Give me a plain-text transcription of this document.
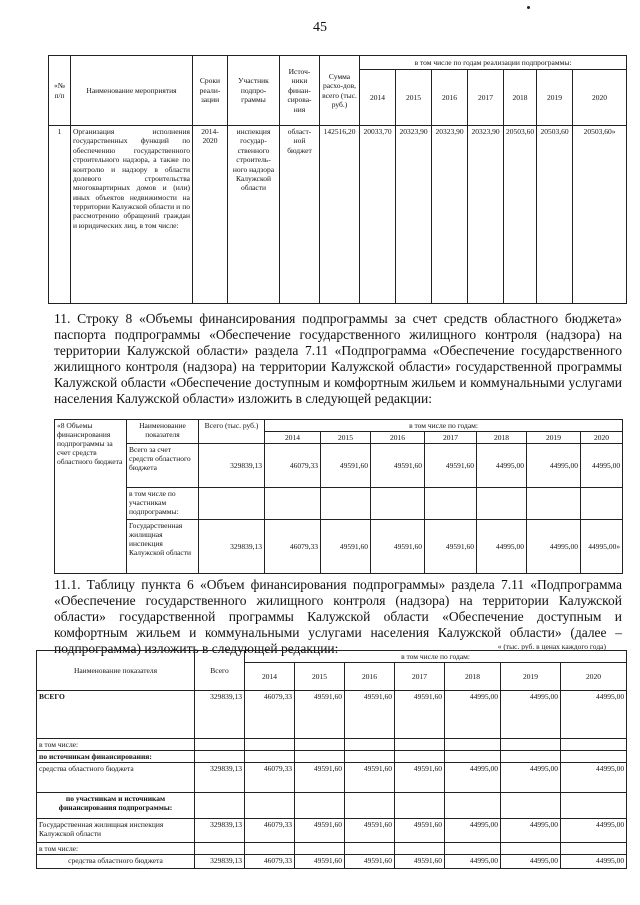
45
«№ п/п	Наименование мероприятия	Сроки реали-зации	Участник подпро-граммы	Источ-ники финан-сирова-ния	Сумма расхо-дов, всего (тыс. руб.)	в том числе по годам реализации подпрограммы:						
						2014	2015	2016	2017	2018	2019	2020
1	Организация исполнения государственных функций по обеспечению государственного строительного надзора, а также по контролю и надзору в области долевого строительства многоквартирных домов и (или) иных объектов недвижимости на территории Калужской области и по рассмотрению обращений граждан и юридических лиц, в том числе:	2014-2020	инспекция государ-ственного строитель-ного надзора Калужской области	област-ной бюджет	142516,20	20033,70	20323,90	20323,90	20323,90	20503,60	20503,60	20503,60»
11. Строку 8 «Объемы финансирования подпрограммы за счет средств областного бюджета» паспорта подпрограммы «Обеспечение государственного жилищного контроля (надзора) на территории Калужской области» раздела 7.11 «Подпрограмма «Обеспечение государственного жилищного контроля (надзора) на территории Калужской области» государственной программы Калужской области «Обеспечение доступным и комфортным жильем и коммунальными услугами населения Калужской области» изложить в следующей редакции:
«8 Объемы финансирования подпрограммы за счет средств областного бюджета	Наименование показателя	Всего (тыс. руб.)	в том числе по годам:						
			2014	2015	2016	2017	2018	2019	2020
	Всего за счет средств областного бюджета	329839,13	46079,33	49591,60	49591,60	49591,60	44995,00	44995,00	44995,00
	в том числе по участникам подпрограммы:								
	Государственная жилищная инспекция Калужской области	329839,13	46079,33	49591,60	49591,60	49591,60	44995,00	44995,00	44995,00»
11.1. Таблицу пункта 6 «Объем финансирования подпрограммы» раздела 7.11 «Подпрограмма «Обеспечение государственного жилищного контроля (надзора) на территории Калужской области» государственной программы Калужской области «Обеспечение доступным и комфортным жильем и коммунальными услугами населения Калужской области» (далее – подпрограмма) изложить в следующей редакции:	« (тыс. руб. в ценах каждого года)
Наименование показателя	Всего	в том числе по годам:						
		2014	2015	2016	2017	2018	2019	2020
ВСЕГО	329839,13	46079,33	49591,60	49591,60	49591,60	44995,00	44995,00	44995,00
в том числе:								
по источникам финансирования:								
средства областного бюджета	329839,13	46079,33	49591,60	49591,60	49591,60	44995,00	44995,00	44995,00
по участникам и источникам финансирования подпрограммы:								
Государственная жилищная инспекция Калужской области	329839,13	46079,33	49591,60	49591,60	49591,60	44995,00	44995,00	44995,00
в том числе:								
средства областного бюджета	329839,13	46079,33	49591,60	49591,60	49591,60	44995,00	44995,00	44995,00
